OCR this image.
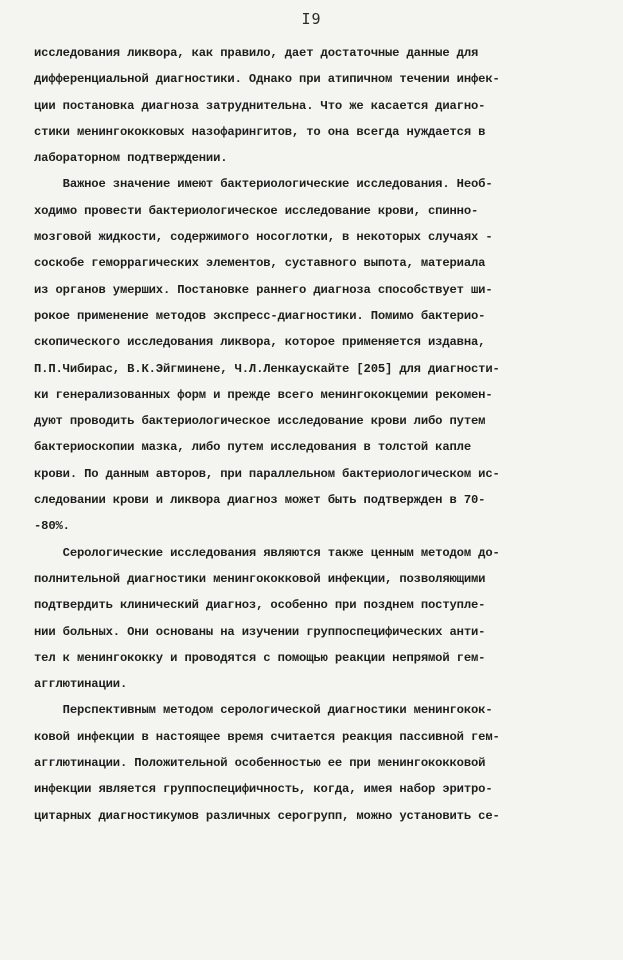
I9
исследования ликвора, как правило, дает достаточные данные для
дифференциальной диагностики. Однако при атипичном течении инфек-
ции постановка диагноза затруднительна. Что же касается диагно-
стики менингококковых назофарингитов, то она всегда нуждается в
лабораторном подтверждении.
Важное значение имеют бактериологические исследования. Необ-
ходимо провести бактериологическое исследование крови, спинно-
мозговой жидкости, содержимого носоглотки, в некоторых случаях -
соскобе геморрагических элементов, суставного выпота, материала
из органов умерших. Постановке раннего диагноза способствует ши-
рокое применение методов экспресс-диагностики. Помимо бактерио-
скопического исследования ликвора, которое применяется издавна,
П.П.Чибирас, В.К.Эйгминене, Ч.Л.Ленкаускайте [205] для диагности-
ки генерализованных форм и прежде всего менингококцемии рекомен-
дуют проводить бактериологическое исследование крови либо путем
бактериоскопии мазка, либо путем исследования в толстой капле
крови. По данным авторов, при параллельном бактериологическом ис-
следовании крови и ликвора диагноз может быть подтвержден в 70-
-80%.
Серологические исследования являются также ценным методом до-
полнительной диагностики менингококковой инфекции, позволяющими
подтвердить клинический диагноз, особенно при позднем поступле-
нии больных. Они основаны на изучении группоспецифических анти-
тел к менингококку и проводятся с помощью реакции непрямой гем-
агглютинации.
Перспективным методом серологической диагностики менингокок-
ковой инфекции в настоящее время считается реакция пассивной гем-
агглютинации. Положительной особенностью ее при менингококковой
инфекции является группоспецифичность, когда, имея набор эритро-
цитарных диагностикумов различных серогрупп, можно установить се-
